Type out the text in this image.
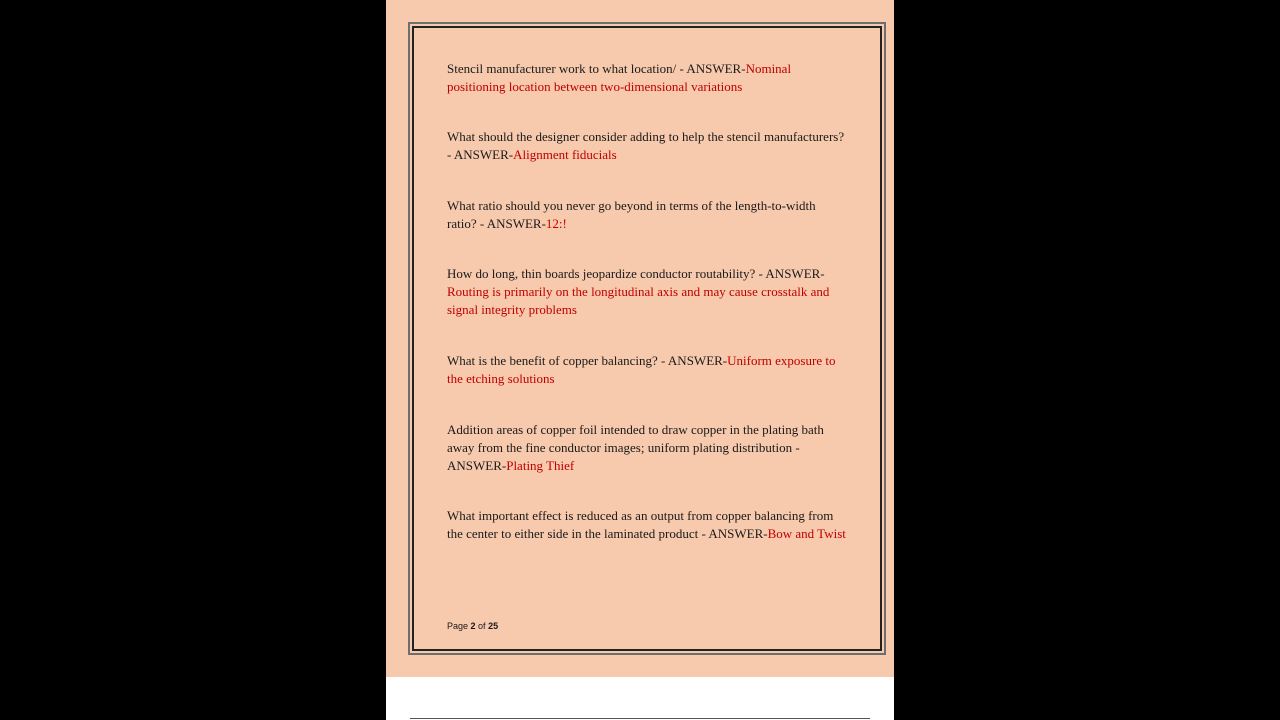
Stencil manufacturer work to what location/ - ANSWER-Nominal positioning location between two-dimensional variations

What should the designer consider adding to help the stencil manufacturers? - ANSWER-Alignment fiducials

What ratio should you never go beyond in terms of the length-to-width ratio? - ANSWER-12:!

How do long, thin boards jeopardize conductor routability? - ANSWER-Routing is primarily on the longitudinal axis and may cause crosstalk and signal integrity problems

What is the benefit of copper balancing? - ANSWER-Uniform exposure to the etching solutions

Addition areas of copper foil intended to draw copper in the plating bath away from the fine conductor images; uniform plating distribution - ANSWER-Plating Thief

What important effect is reduced as an output from copper balancing from the center to either side in the laminated product - ANSWER-Bow and Twist

Page 2 of 25
